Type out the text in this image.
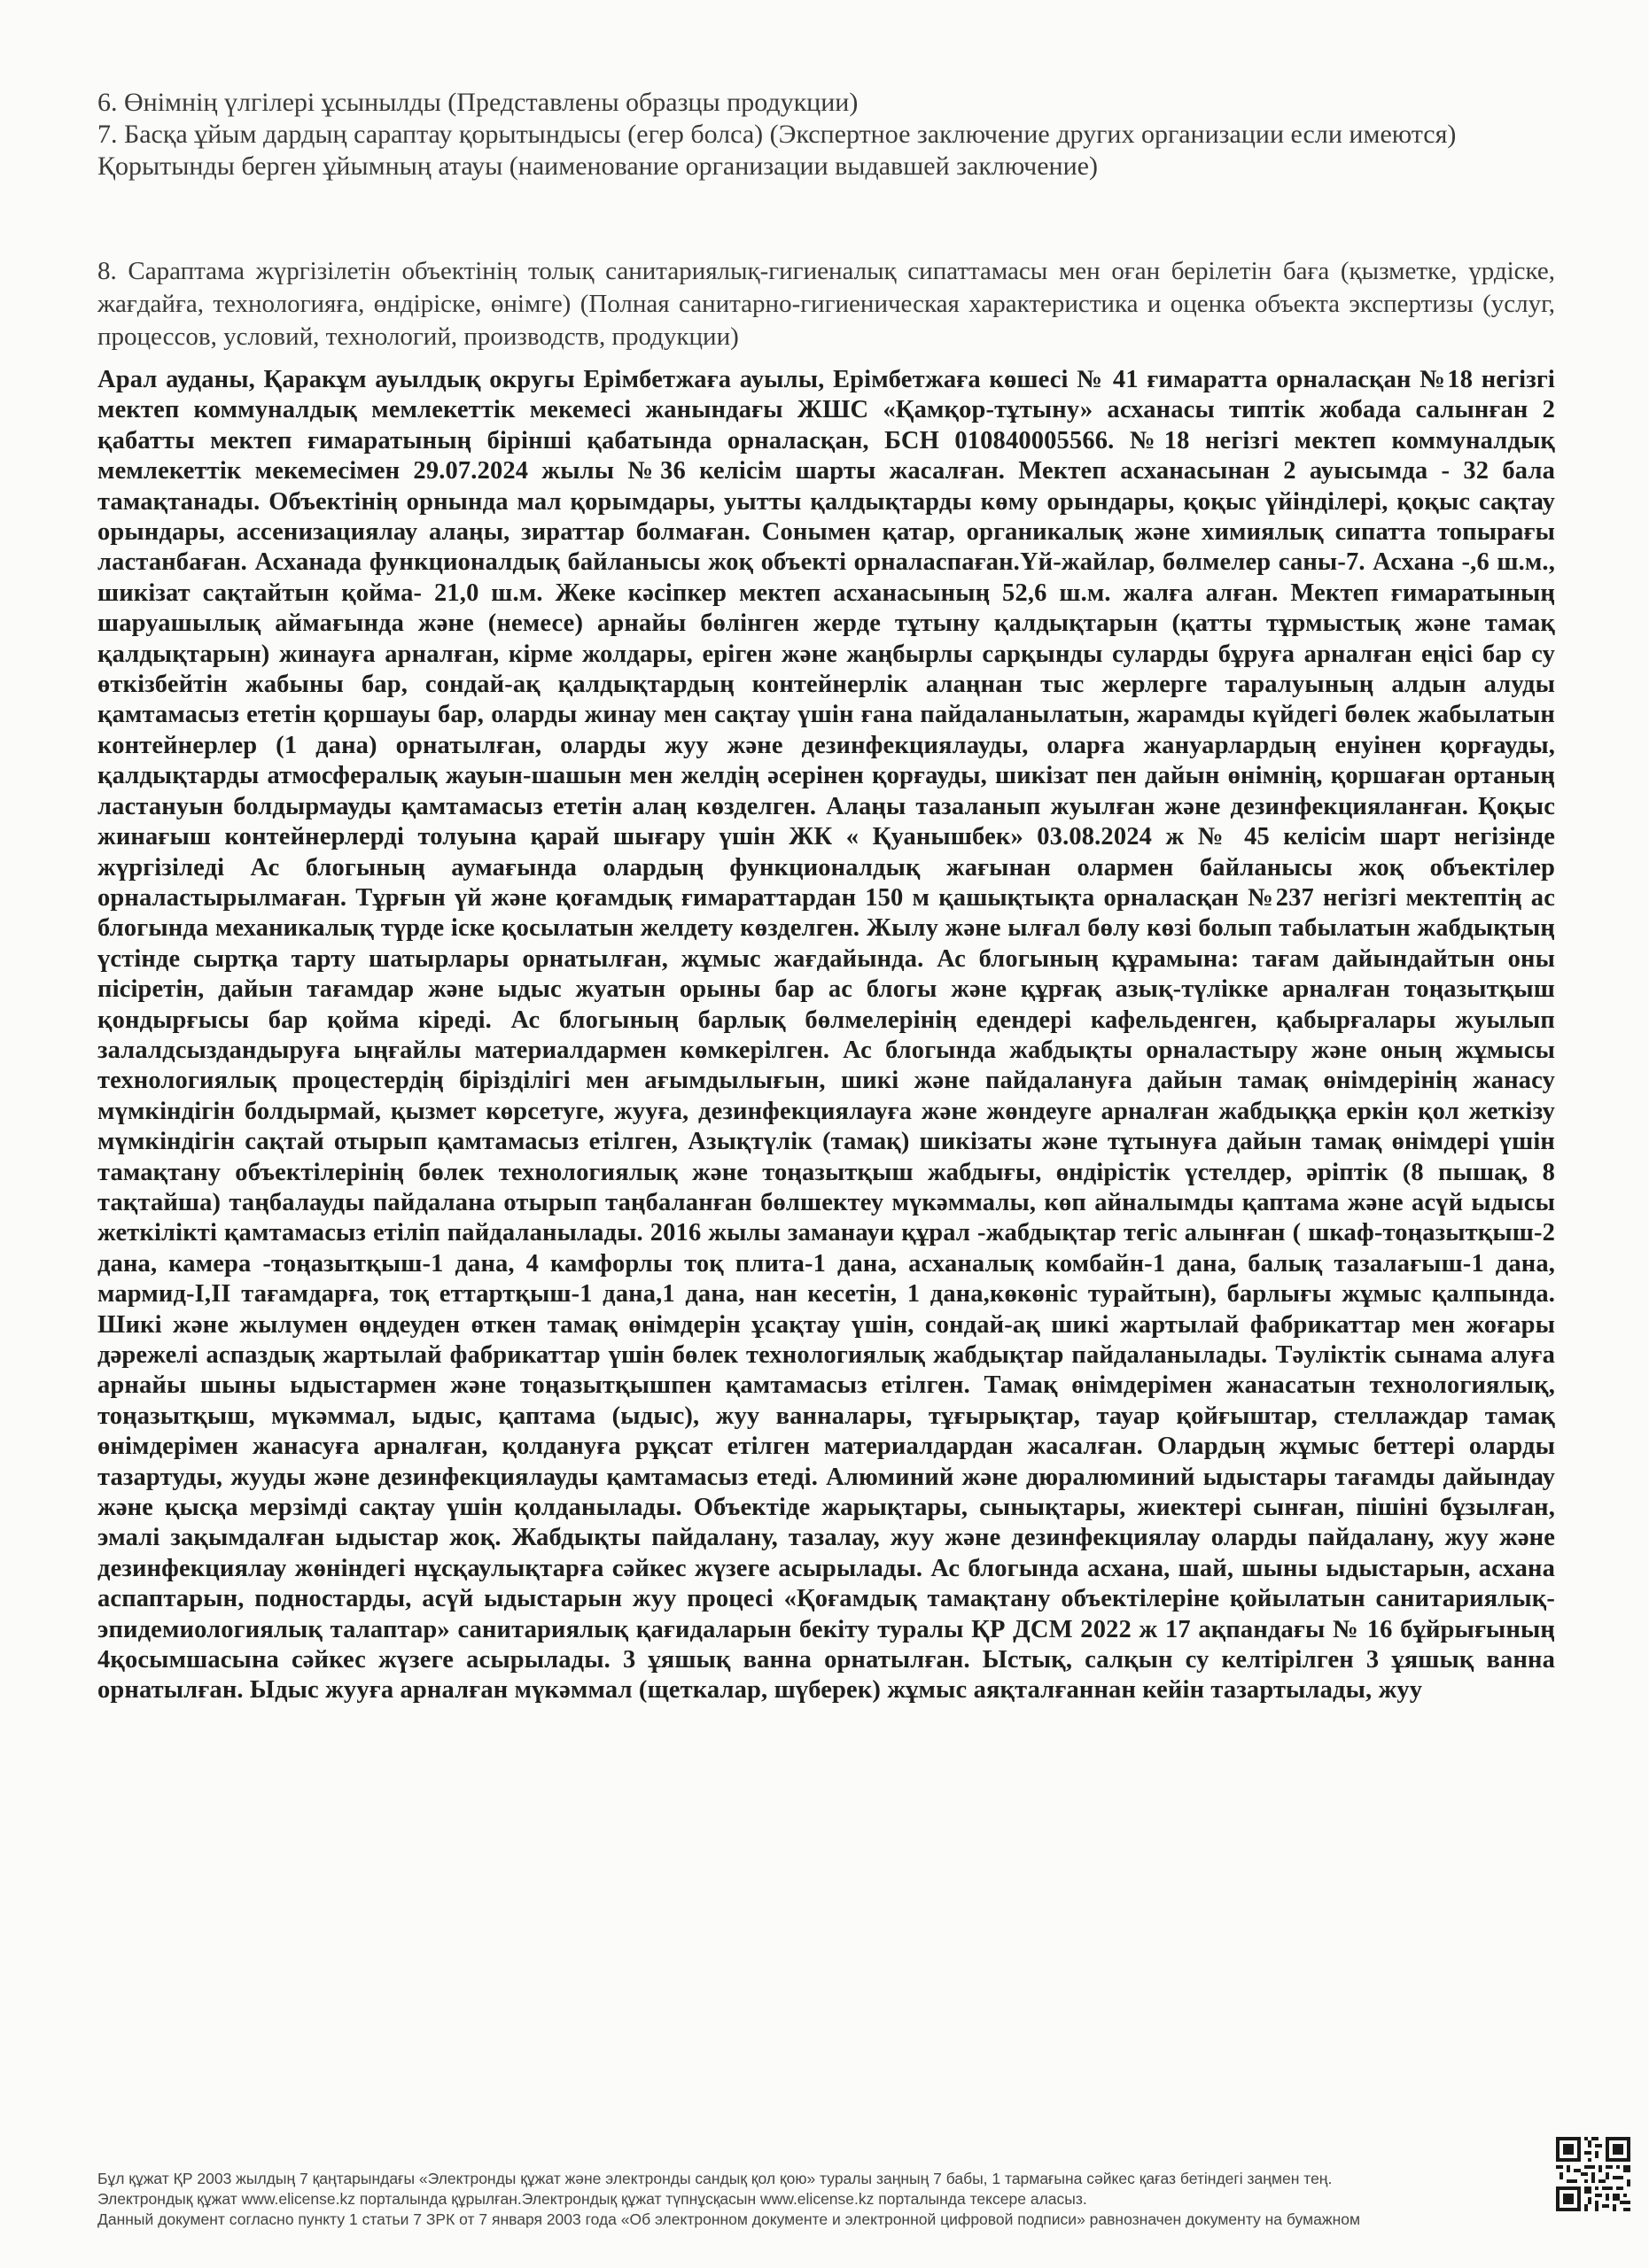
6. Өнімнің үлгілері ұсынылды (Представлены образцы продукции)

7. Басқа ұйым дардың сараптау қорытындысы (егер болса) (Экспертное заключение других организации если имеются)

Қорытынды берген ұйымның атауы (наименование организации выдавшей заключение)

8. Сараптама жүргізілетін объектінің толық санитариялық-гигиеналық сипаттамасы мен оған берілетін баға (қызметке, үрдіске, жағдайға, технологияға, өндіріске, өнімге) (Полная санитарно-гигиеническая характеристика и оценка объекта экспертизы (услуг, процессов, условий, технологий, производств, продукции)

Арал ауданы, Қаракұм ауылдық округы Ерімбетжаға ауылы, Ерімбетжаға көшесі № 41 ғимаратта орналасқан №18 негізгі мектеп коммуналдық мемлекеттік мекемесі жанындағы ЖШС «Қамқор-тұтыну» асханасы типтік жобада салынған 2 қабатты мектеп ғимаратының бірінші қабатында орналасқан, БСН 010840005566. №18 негізгі мектеп коммуналдық мемлекеттік мекемесімен 29.07.2024 жылы №36 келісім шарты жасалған. Мектеп асханасынан 2 ауысымда - 32 бала тамақтанады. Объектінің орнында мал қорымдары, уытты қалдықтарды көму орындары, қоқыс үйінділері, қоқыс сақтау орындары, ассенизациялау алаңы, зираттар болмаған. Сонымен қатар, органикалық және химиялық сипатта топырағы ластанбаған. Асханада функционалдық байланысы жоқ объекті орналаспаған.Үй-жайлар, бөлмелер саны-7. Асхана -,6 ш.м., шикізат сақтайтын қойма- 21,0 ш.м. Жеке кәсіпкер мектеп асханасының 52,6 ш.м. жалға алған. Мектеп ғимаратының шаруашылық аймағында және (немесе) арнайы бөлінген жерде тұтыну қалдықтарын (қатты тұрмыстық және тамақ қалдықтарын) жинауға арналған, кірме жолдары, еріген және жаңбырлы сарқынды суларды бұруға арналған еңісі бар су өткізбейтін жабыны бар, сондай-ақ қалдықтардың контейнерлік алаңнан тыс жерлерге таралуының алдын алуды қамтамасыз ететін қоршауы бар, оларды жинау мен сақтау үшін ғана пайдаланылатын, жарамды күйдегі бөлек жабылатын контейнерлер (1 дана) орнатылған, оларды жуу және дезинфекциялауды, оларға жануарлардың енуінен қорғауды, қалдықтарды атмосфералық жауын-шашын мен желдің әсерінен қорғауды, шикізат пен дайын өнімнің, қоршаған ортаның ластануын болдырмауды қамтамасыз ететін алаң көзделген. Алаңы тазаланып жуылған және дезинфекцияланған. Қоқыс жинағыш контейнерлерді толуына қарай шығару үшін ЖК « Қуанышбек» 03.08.2024 ж № 45 келісім шарт негізінде жүргізіледі Ас блогының аумағында олардың функционалдық жағынан олармен байланысы жоқ объектілер орналастырылмаған. Тұрғын үй және қоғамдық ғимараттардан 150 м қашықтықта орналасқан №237 негізгі мектептің ас блогында механикалық түрде іске қосылатын желдету көзделген. Жылу және ылғал бөлу көзі болып табылатын жабдықтың үстінде сыртқа тарту шатырлары орнатылған, жұмыс жағдайында. Ас блогының құрамына: тағам дайындайтын оны пісіретін, дайын тағамдар және ыдыс жуатын орыны бар ас блогы және құрғақ азық-түлікке арналған тоңазытқыш қондырғысы бар қойма кіреді. Ас блогының барлық бөлмелерінің едендері кафельденген, қабырғалары жуылып залалдсыздандыруға ыңғайлы материалдармен көмкерілген. Ас блогында жабдықты орналастыру және оның жұмысы технологиялық процестердің бірізділігі мен ағымдылығын, шикі және пайдалануға дайын тамақ өнімдерінің жанасу мүмкіндігін болдырмай, қызмет көрсетуге, жууға, дезинфекциялауға және жөндеуге арналған жабдыққа еркін қол жеткізу мүмкіндігін сақтай отырып қамтамасыз етілген, Азықтүлік (тамақ) шикізаты және тұтынуға дайын тамақ өнімдері үшін тамақтану объектілерінің бөлек технологиялық және тоңазытқыш жабдығы, өндірістік үстелдер, әріптік (8 пышақ, 8 тақтайша) таңбалауды пайдалана отырып таңбаланған бөлшектеу мүкәммалы, көп айналымды қаптама және асүй ыдысы жеткілікті қамтамасыз етіліп пайдаланылады. 2016 жылы заманауи құрал -жабдықтар тегіс алынған ( шкаф-тоңазытқыш-2 дана, камера -тоңазытқыш-1 дана, 4 камфорлы тоқ плита-1 дана, асханалық комбайн-1 дана, балық тазалағыш-1 дана, мармид-І,ІІ тағамдарға, тоқ еттартқыш-1 дана,1 дана, нан кесетін, 1 дана,көкөніс турайтын), барлығы жұмыс қалпында. Шикі және жылумен өңдеуден өткен тамақ өнімдерін ұсақтау үшін, сондай-ақ шикі жартылай фабрикаттар мен жоғары дәрежелі аспаздық жартылай фабрикаттар үшін бөлек технологиялық жабдықтар пайдаланылады. Тәуліктік сынама алуға арнайы шыны ыдыстармен және тоңазытқышпен қамтамасыз етілген. Тамақ өнімдерімен жанасатын технологиялық, тоңазытқыш, мүкәммал, ыдыс, қаптама (ыдыс), жуу ванналары, тұғырықтар, тауар қойғыштар, стеллаждар тамақ өнімдерімен жанасуға арналған, қолдануға рұқсат етілген материалдардан жасалған. Олардың жұмыс беттері оларды тазартуды, жууды және дезинфекциялауды қамтамасыз етеді. Алюминий және дюралюминий ыдыстары тағамды дайындау және қысқа мерзімді сақтау үшін қолданылады. Объектіде жарықтары, сынықтары, жиектері сынған, пішіні бұзылған, эмалі зақымдалған ыдыстар жоқ. Жабдықты пайдалану, тазалау, жуу және дезинфекциялау оларды пайдалану, жуу және дезинфекциялау жөніндегі нұсқаулықтарға сәйкес жүзеге асырылады. Ас блогында асхана, шай, шыны ыдыстарын, асхана аспаптарын, подностарды, асүй ыдыстарын жуу процесі «Қоғамдық тамақтану объектілеріне қойылатын санитариялық-эпидемиологиялық талаптар» санитариялық қағидаларын бекіту туралы ҚР ДСМ 2022 ж 17 ақпандағы № 16 бұйрығының 4қосымшасына сәйкес жүзеге асырылады. 3 ұяшық ванна орнатылған. Ыстық, салқын су келтірілген 3 ұяшық ванна орнатылған. Ыдыс жууға арналған мүкәммал (щеткалар, шүберек) жұмыс аяқталғаннан кейін тазартылады, жуу

Бұл құжат ҚР 2003 жылдың 7 қаңтарындағы «Электронды құжат және электронды сандық қол қою» туралы заңның 7 бабы, 1 тармағына сәйкес қағаз бетіндегі заңмен тең.
Электрондық құжат www.elicense.kz порталында құрылған.Электрондық құжат түпнұсқасын www.elicense.kz порталында тексере аласыз.
Данный документ согласно пункту 1 статьи 7 ЗРК от 7 января 2003 года «Об электронном документе и электронной цифровой подписи» равнозначен документу на бумажном
